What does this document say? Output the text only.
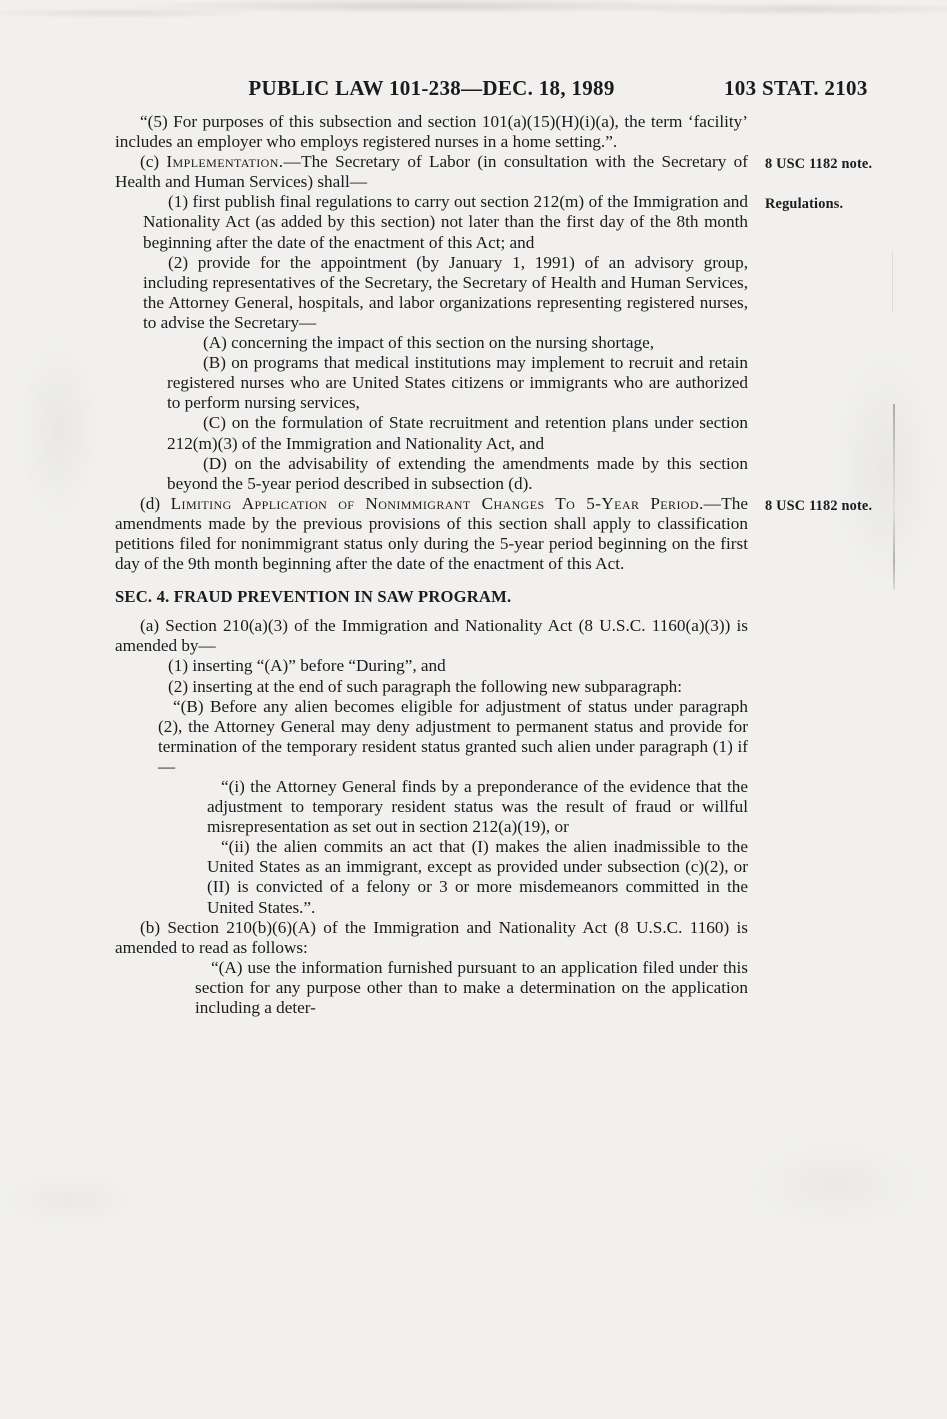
PUBLIC LAW 101-238—DEC. 18, 1989	103 STAT. 2103

“(5) For purposes of this subsection and section 101(a)(15)(H)(i)(a), the term ‘facility’ includes an employer who employs registered nurses in a home setting.”.

(c) Implementation.—The Secretary of Labor (in consultation with the Secretary of Health and Human Services) shall—
8 USC 1182 note.

(1) first publish final regulations to carry out section 212(m) of the Immigration and Nationality Act (as added by this section) not later than the first day of the 8th month beginning after the date of the enactment of this Act; and
Regulations.

(2) provide for the appointment (by January 1, 1991) of an advisory group, including representatives of the Secretary, the Secretary of Health and Human Services, the Attorney General, hospitals, and labor organizations representing registered nurses, to advise the Secretary—

(A) concerning the impact of this section on the nursing shortage,

(B) on programs that medical institutions may implement to recruit and retain registered nurses who are United States citizens or immigrants who are authorized to perform nursing services,

(C) on the formulation of State recruitment and retention plans under section 212(m)(3) of the Immigration and Nationality Act, and

(D) on the advisability of extending the amendments made by this section beyond the 5-year period described in subsection (d).

(d) Limiting Application of Nonimmigrant Changes To 5-Year Period.—The amendments made by the previous provisions of this section shall apply to classification petitions filed for nonimmigrant status only during the 5-year period beginning on the first day of the 9th month beginning after the date of the enactment of this Act.
8 USC 1182 note.

SEC. 4. FRAUD PREVENTION IN SAW PROGRAM.

(a) Section 210(a)(3) of the Immigration and Nationality Act (8 U.S.C. 1160(a)(3)) is amended by—

(1) inserting “(A)” before “During”, and

(2) inserting at the end of such paragraph the following new subparagraph:

“(B) Before any alien becomes eligible for adjustment of status under paragraph (2), the Attorney General may deny adjustment to permanent status and provide for termination of the temporary resident status granted such alien under paragraph (1) if—

“(i) the Attorney General finds by a preponderance of the evidence that the adjustment to temporary resident status was the result of fraud or willful misrepresentation as set out in section 212(a)(19), or

“(ii) the alien commits an act that (I) makes the alien inadmissible to the United States as an immigrant, except as provided under subsection (c)(2), or (II) is convicted of a felony or 3 or more misdemeanors committed in the United States.”.

(b) Section 210(b)(6)(A) of the Immigration and Nationality Act (8 U.S.C. 1160) is amended to read as follows:

“(A) use the information furnished pursuant to an application filed under this section for any purpose other than to make a determination on the application including a deter-
